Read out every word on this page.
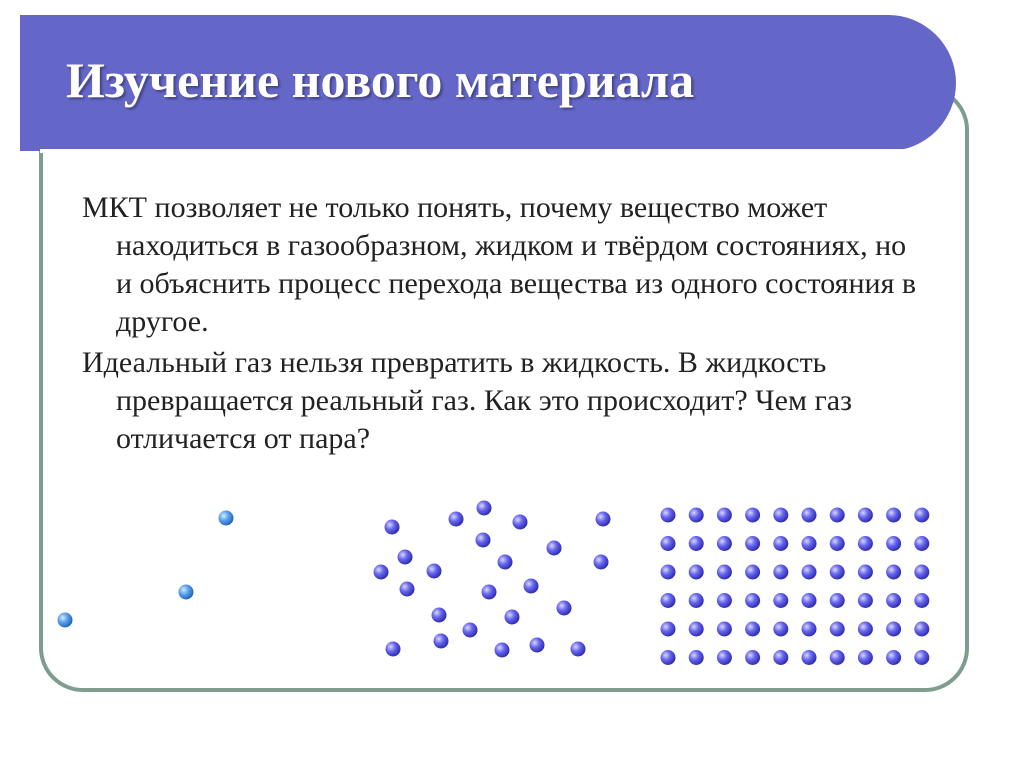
Изучение нового материала

МКТ позволяет не только понять, почему вещество может находиться в газообразном, жидком и твёрдом состояниях, но и объяснить процесс перехода вещества из одного состояния в другое.

Идеальный газ нельзя превратить в жидкость. В жидкость превращается реальный газ. Как это происходит? Чем газ отличается от пара?
